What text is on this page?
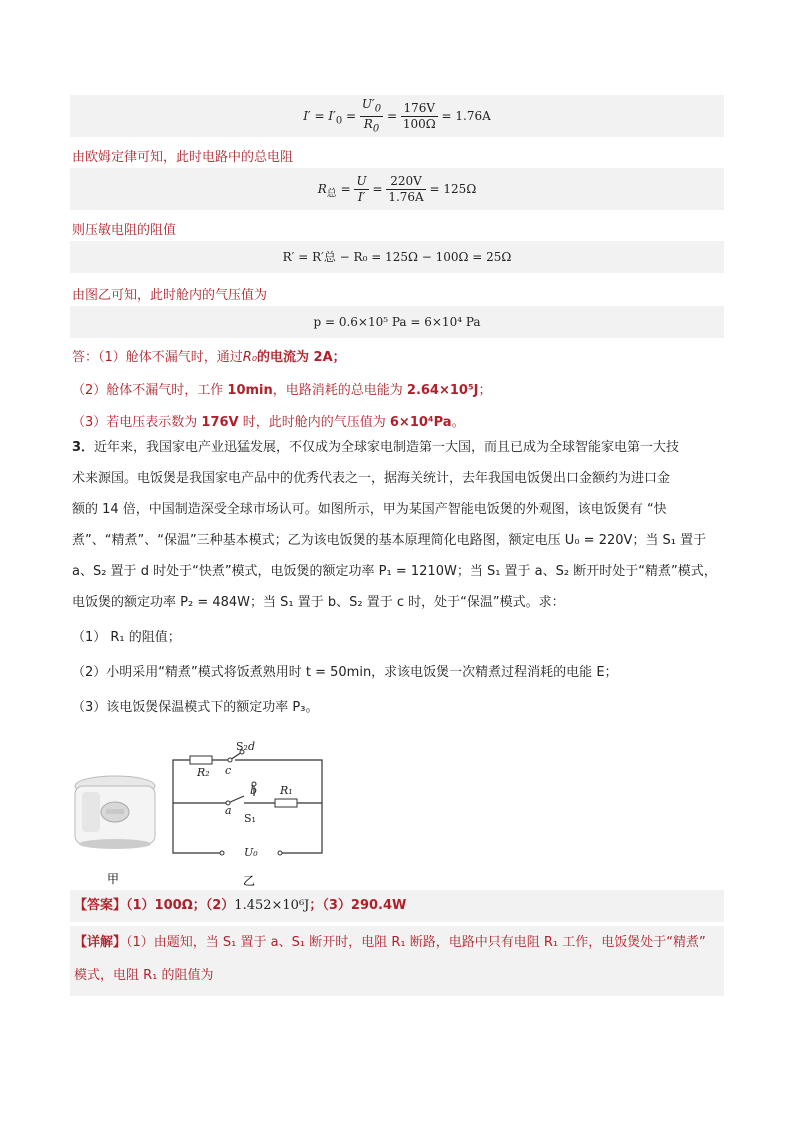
$I' = I'_0 = \frac{U'_0}{R_0} = \frac{176V}{100\Omega} = 1.76A$
由欧姆定律可知，此时电路中的总电阻
$R_总 = \frac{U}{I'} = \frac{220V}{1.76A} = 125\Omega$
则压敏电阻的阻值
R′ = R′总 − R₀ = 125Ω − 100Ω = 25Ω
由图乙可知，此时舱内的气压值为
p = 0.6×10⁵ Pa = 6×10⁴ Pa
答：（1）舱体不漏气时，通过R₀的电流为 2A；
（2）舱体不漏气时，工作 10min，电路消耗的总电能为 2.64×10⁵J；
（3）若电压表示数为 176V 时，此时舱内的气压值为 6×10⁴Pa。
3．近年来，我国家电产业迅猛发展，不仅成为全球家电制造第一大国，而且已成为全球智能家电第一大技
术来源国。电饭煲是我国家电产品中的优秀代表之一，据海关统计，去年我国电饭煲出口金额约为进口金
额的 14 倍，中国制造深受全球市场认可。如图所示，甲为某国产智能电饭煲的外观图，该电饭煲有 “快
煮”、“精煮”、“保温”三种基本模式；乙为该电饭煲的基本原理简化电路图，额定电压 U₀ = 220V；当 S₁ 置于
a、S₂ 置于 d 时处于“快煮”模式，电饭煲的额定功率 P₁ = 1210W；当 S₁ 置于 a、S₂ 断开时处于“精煮”模式，
电饭煲的额定功率 P₂ = 484W；当 S₁ 置于 b、S₂ 置于 c 时，处于“保温”模式。求：
（1） R₁ 的阻值；
（2）小明采用“精煮”模式将饭煮熟用时 t = 50min，求该电饭煲一次精煮过程消耗的电能 E；
（3）该电饭煲保温模式下的额定功率 P₃。
甲
R₂
R₁
S₂ d
c
b
a
S₁
U₀
乙
【答案】（1）100Ω；（2）1.452×10⁶J；（3）290.4W
【详解】（1）由题知，当 S₁ 置于 a、S₁ 断开时，电阻 R₁ 断路，电路中只有电阻 R₁ 工作，电饭煲处于“精煮”
模式，电阻 R₁ 的阻值为
